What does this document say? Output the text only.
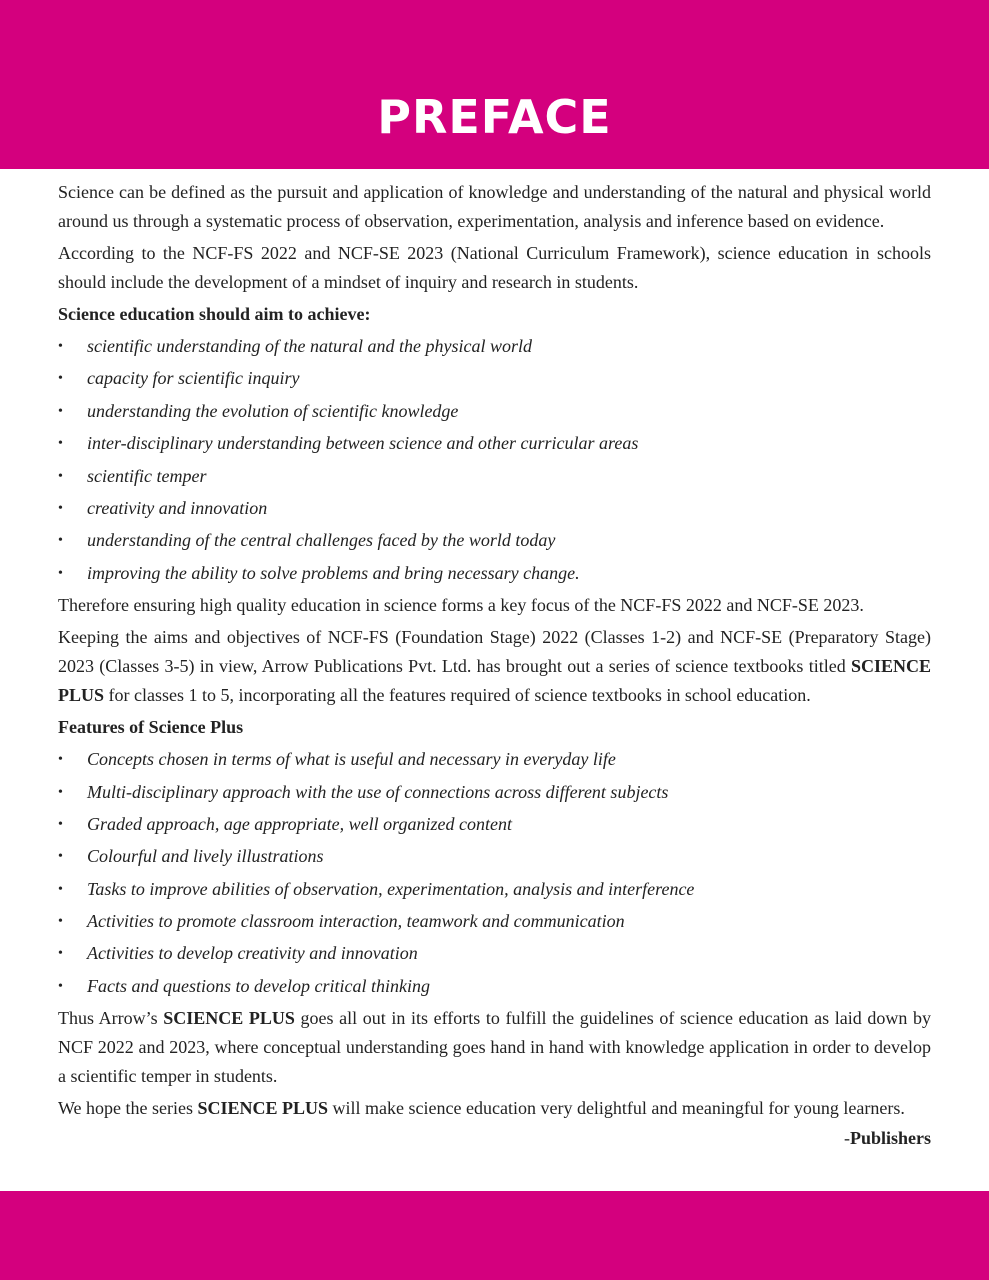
PREFACE

Science can be defined as the pursuit and application of knowledge and understanding of the natural and physical world around us through a systematic process of observation, experimentation, analysis and inference based on evidence.

According to the NCF-FS 2022 and NCF-SE 2023 (National Curriculum Framework), science education in schools should include the development of a mindset of inquiry and research in students.

Science education should aim to achieve:
• scientific understanding of the natural and the physical world
• capacity for scientific inquiry
• understanding the evolution of scientific knowledge
• inter-disciplinary understanding between science and other curricular areas
• scientific temper
• creativity and innovation
• understanding of the central challenges faced by the world today
• improving the ability to solve problems and bring necessary change.

Therefore ensuring high quality education in science forms a key focus of the NCF-FS 2022 and NCF-SE 2023.

Keeping the aims and objectives of NCF-FS (Foundation Stage) 2022 (Classes 1-2) and NCF-SE (Preparatory Stage) 2023 (Classes 3-5) in view, Arrow Publications Pvt. Ltd. has brought out a series of science textbooks titled SCIENCE PLUS for classes 1 to 5, incorporating all the features required of science textbooks in school education.

Features of Science Plus
• Concepts chosen in terms of what is useful and necessary in everyday life
• Multi-disciplinary approach with the use of connections across different subjects
• Graded approach, age appropriate, well organized content
• Colourful and lively illustrations
• Tasks to improve abilities of observation, experimentation, analysis and interference
• Activities to promote classroom interaction, teamwork and communication
• Activities to develop creativity and innovation
• Facts and questions to develop critical thinking

Thus Arrow’s SCIENCE PLUS goes all out in its efforts to fulfill the guidelines of science education as laid down by NCF 2022 and 2023, where conceptual understanding goes hand in hand with knowledge application in order to develop a scientific temper in students.

We hope the series SCIENCE PLUS will make science education very delightful and meaningful for young learners.

-Publishers
